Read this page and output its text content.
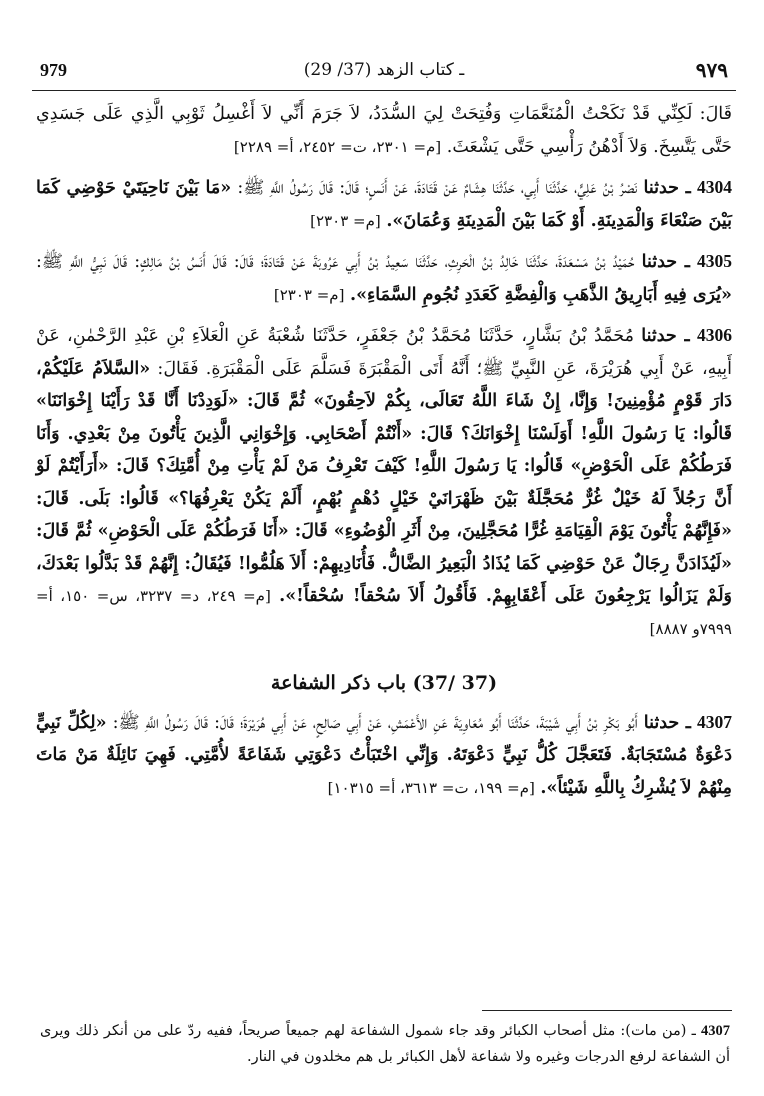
979	(29 /37) ـ كتاب الزهد	٩٧٩

قَالَ: لَكِنِّي قَدْ نَكَحْتُ الْمُنَعَّمَاتِ وَفُتِحَتْ لِيَ السُّدَدُ، لاَ جَرَمَ أَنِّي لاَ أَغْسِلُ ثَوْبِي الَّذِي عَلَى جَسَدِي حَتَّى يَتَّسِخَ. وَلاَ أَدْهُنُ رَأْسِي حَتَّى يَشْعَثَ. [م= ٢٣٠١، ت= ٢٤٥٢، أ= ٢٢٨٩]

4304 ـ حدثنا نَصْرُ بْنُ عَلِيٍّ، حَدَّثَنَا أَبِي، حَدَّثَنَا هِشَامٌ عَنْ قَتَادَةَ، عَنْ أَنَسٍ؛ قَالَ: قَالَ رَسُولُ اللَّهِ ﷺ: «مَا بَيْنَ نَاحِيَتَيْ حَوْضِي كَمَا بَيْنَ صَنْعَاءَ وَالْمَدِينَةِ. أَوْ كَمَا بَيْنَ الْمَدِينَةِ وَعُمَانَ». [م= ٢٣٠٣]

4305 ـ حدثنا حُمَيْدُ بْنُ مَسْعَدَةَ، حَدَّثَنَا خَالِدُ بْنُ الْحَرِثِ، حَدَّثَنَا سَعِيدُ بْنُ أَبِي عَرُوبَةَ عَنْ قَتَادَةَ؛ قَالَ: قَالَ أَنَسُ بْنُ مَالِكٍ: قَالَ نَبِيُّ اللَّهِ ﷺ: «يُرَى فِيهِ أَبَارِيقُ الذَّهَبِ وَالْفِضَّةِ كَعَدَدِ نُجُومِ السَّمَاءِ». [م= ٢٣٠٣]

4306 ـ حدثنا مُحَمَّدُ بْنُ بَشَّارٍ، حَدَّثَنَا مُحَمَّدُ بْنُ جَعْفَرٍ، حَدَّثَنَا شُعْبَةُ عَنِ الْعَلاَءِ بْنِ عَبْدِ الرَّحْمٰنِ، عَنْ أَبِيهِ، عَنْ أَبِي هُرَيْرَةَ، عَنِ النَّبِيِّ ﷺ؛ أَنَّهُ أَتَى الْمَقْبَرَةَ فَسَلَّمَ عَلَى الْمَقْبَرَةِ. فَقَالَ: «السَّلاَمُ عَلَيْكُمْ، دَارَ قَوْمٍ مُؤْمِنِينَ! وَإِنَّا، إِنْ شَاءَ اللَّهُ تَعَالَى، بِكُمْ لاَحِقُونَ» ثُمَّ قَالَ: «لَوَدِدْنَا أَنَّا قَدْ رَأَيْنَا إِخْوَانَنَا» قَالُوا: يَا رَسُولَ اللَّهِ! أَوَلَسْنَا إِخْوَانَكَ؟ قَالَ: «أَنْتُمْ أَصْحَابِي. وَإِخْوَانِي الَّذِينَ يَأْتُونَ مِنْ بَعْدِي. وَأَنَا فَرَطُكُمْ عَلَى الْحَوْضِ» قَالُوا: يَا رَسُولَ اللَّهِ! كَيْفَ تَعْرِفُ مَنْ لَمْ يَأْتِ مِنْ أُمَّتِكَ؟ قَالَ: «أَرَأَيْتُمْ لَوْ أَنَّ رَجُلاً لَهُ خَيْلٌ غُرٌّ مُحَجَّلَةٌ بَيْنَ ظَهْرَانَيْ خَيْلٍ دُهْمٍ بُهْمٍ، أَلَمْ يَكُنْ يَعْرِفُهَا؟» قَالُوا: بَلَى. قَالَ: «فَإِنَّهُمْ يَأْتُونَ يَوْمَ الْقِيَامَةِ غُرًّا مُحَجَّلِينَ، مِنْ أَثَرِ الْوُضُوءِ» قَالَ: «أَنَا فَرَطُكُمْ عَلَى الْحَوْضِ» ثُمَّ قَالَ: «لَيُذَادَنَّ رِجَالٌ عَنْ حَوْضِي كَمَا يُذَادُ الْبَعِيرُ الضَّالُّ. فَأُنَادِيهِمْ: أَلاَ هَلُمُّوا! فَيُقَالُ: إِنَّهُمْ قَدْ بَدَّلُوا بَعْدَكَ، وَلَمْ يَزَالُوا يَرْجِعُونَ عَلَى أَعْقَابِهِمْ. فَأَقُولُ أَلاَ سُحْقاً! سُحْقاً!». [م= ٢٤٩، د= ٣٢٣٧، س= ١٥٠، أ= ٧٩٩٩و ٨٨٨٧]

(37 /37) باب ذكر الشفاعة

4307 ـ حدثنا أَبُو بَكْرِ بْنُ أَبِي شَيْبَةَ، حَدَّثَنَا أَبُو مُعَاوِيَةَ عَنِ الأَعْمَشِ، عَنْ أَبِي صَالِحٍ، عَنْ أَبِي هُرَيْرَةَ؛ قَالَ: قَالَ رَسُولُ اللَّهِ ﷺ: «لِكُلِّ نَبِيٍّ دَعْوَةٌ مُسْتَجَابَةٌ. فَتَعَجَّلَ كُلُّ نَبِيٍّ دَعْوَتَهُ. وَإِنِّي اخْتَبَأْتُ دَعْوَتِي شَفَاعَةً لأُمَّتِي. فَهِيَ نَائِلَةٌ مَنْ مَاتَ مِنْهُمْ لاَ يُشْرِكُ بِاللَّهِ شَيْئاً». [م= ١٩٩، ت= ٣٦١٣، أ= ١٠٣١٥]

4307 ـ (من مات): مثل أصحاب الكبائر وقد جاء شمول الشفاعة لهم جميعاً صريحاً، ففيه ردّ على من أنكر ذلك ويرى أن الشفاعة لرفع الدرجات وغيره ولا شفاعة لأهل الكبائر بل هم مخلدون في النار.
